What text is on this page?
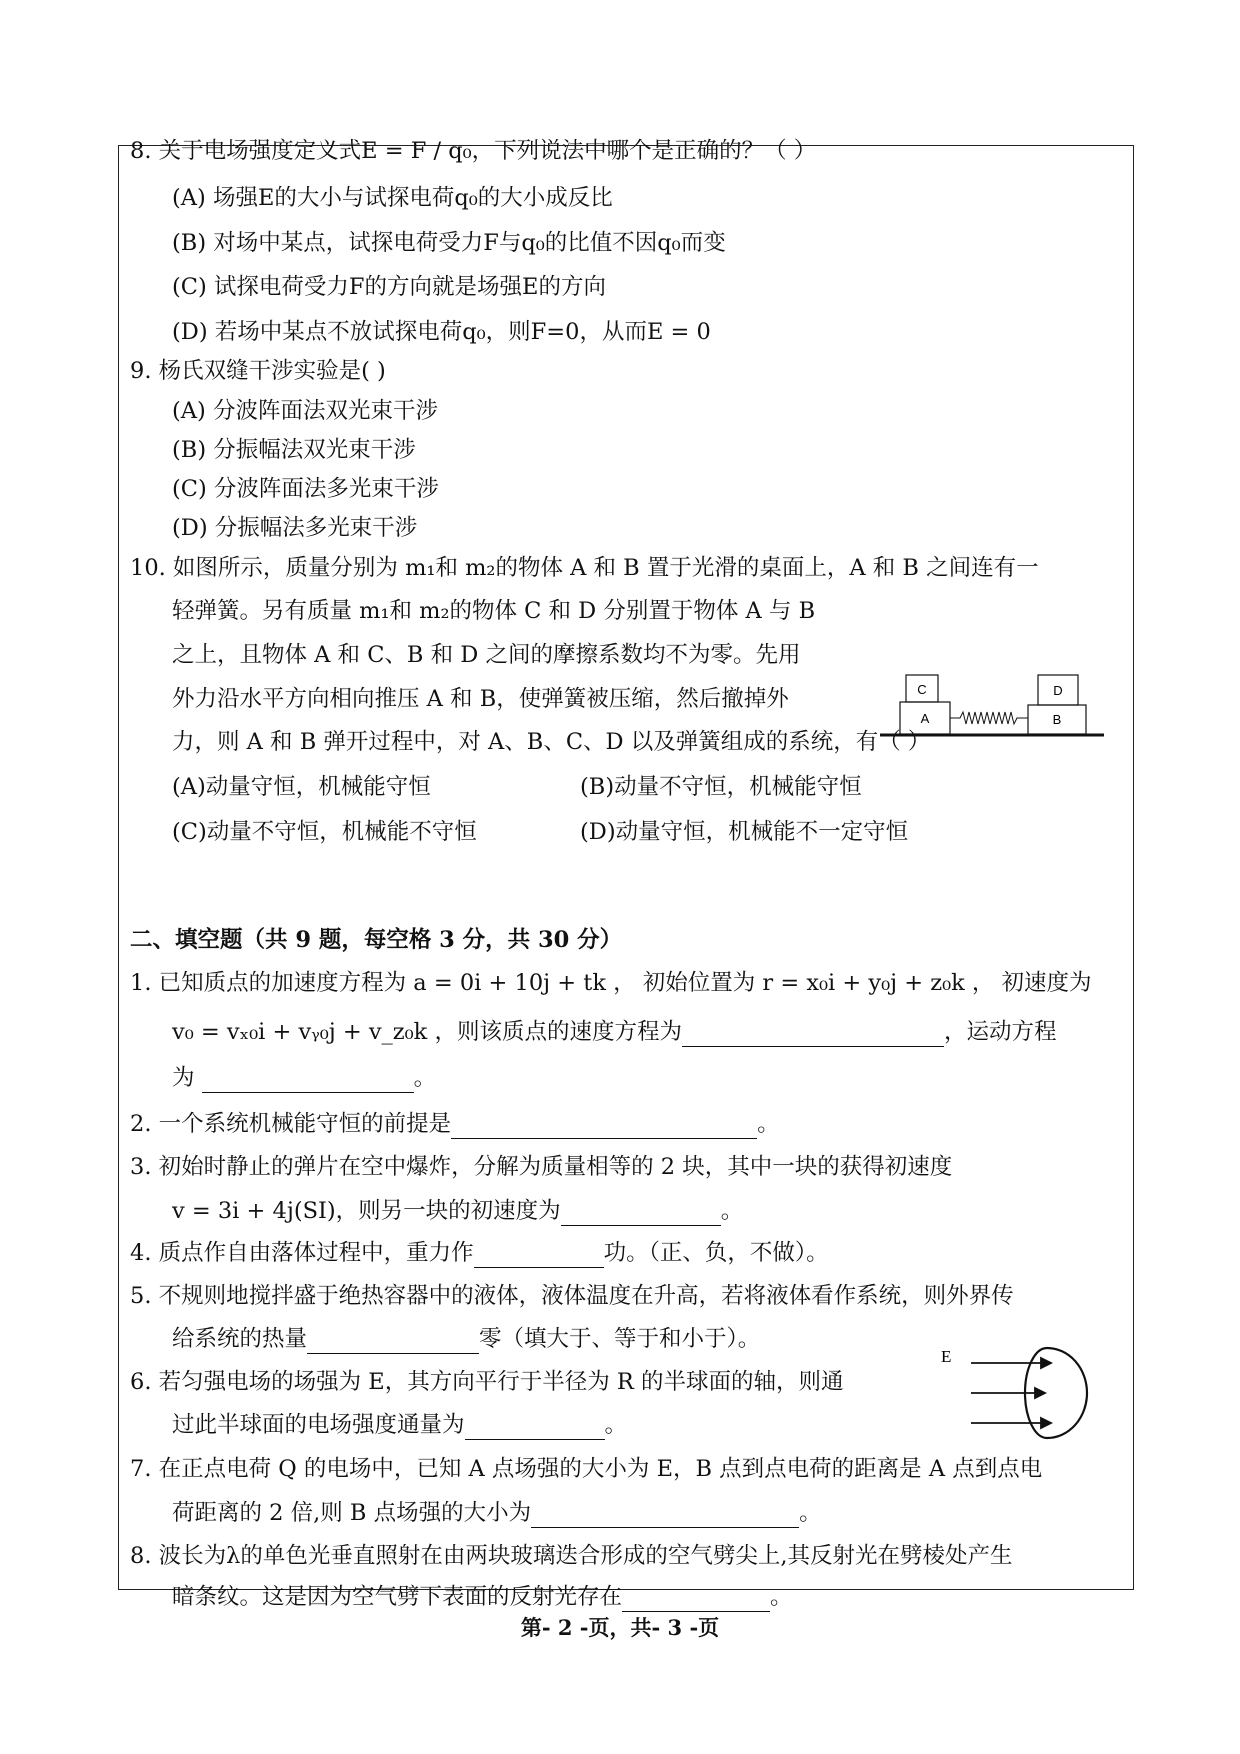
8. 关于电场强度定义式E = F / q₀，下列说法中哪个是正确的？（ ）
(A) 场强E的大小与试探电荷q₀的大小成反比
(B) 对场中某点，试探电荷受力F与q₀的比值不因q₀而变
(C) 试探电荷受力F的方向就是场强E的方向
(D) 若场中某点不放试探电荷q₀，则F=0，从而E = 0
9. 杨氏双缝干涉实验是( )
(A) 分波阵面法双光束干涉
(B) 分振幅法双光束干涉
(C) 分波阵面法多光束干涉
(D) 分振幅法多光束干涉
10. 如图所示，质量分别为 m₁和 m₂的物体 A 和 B 置于光滑的桌面上，A 和 B 之间连有一
轻弹簧。另有质量 m₁和 m₂的物体 C 和 D 分别置于物体 A 与 B
之上，且物体 A 和 C、B 和 D 之间的摩擦系数均不为零。先用
外力沿水平方向相向推压 A 和 B，使弹簧被压缩，然后撤掉外
力，则 A 和 B 弹开过程中，对 A、B、C、D 以及弹簧组成的系统，有（ ）
(A)动量守恒，机械能守恒	(B)动量不守恒，机械能守恒
(C)动量不守恒，机械能不守恒	(D)动量守恒，机械能不一定守恒
C
A
D
B
二、填空题（共 9 题，每空格 3 分，共 30 分）
1. 已知质点的加速度方程为 a = 0i + 10j + tk ， 初始位置为 r = x₀i + y₀j + z₀k ， 初速度为
v₀ = vₓ₀i + vᵧ₀j + v_z₀k ，则该质点的速度方程为	，运动方程
为	。
2. 一个系统机械能守恒的前提是	。
3. 初始时静止的弹片在空中爆炸，分解为质量相等的 2 块，其中一块的获得初速度
v = 3i + 4j(SI)，则另一块的初速度为	。
4. 质点作自由落体过程中，重力作	功。（正、负，不做）。
5. 不规则地搅拌盛于绝热容器中的液体，液体温度在升高，若将液体看作系统，则外界传
给系统的热量	零（填大于、等于和小于）。
6. 若匀强电场的场强为 E，其方向平行于半径为 R 的半球面的轴，则通
过此半球面的电场强度通量为	。
E
7. 在正点电荷 Q 的电场中，已知 A 点场强的大小为 E，B 点到点电荷的距离是 A 点到点电
荷距离的 2 倍,则 B 点场强的大小为	。
8. 波长为λ的单色光垂直照射在由两块玻璃迭合形成的空气劈尖上,其反射光在劈棱处产生
暗条纹。这是因为空气劈下表面的反射光存在	。
第- 2 -页，共- 3 -页
